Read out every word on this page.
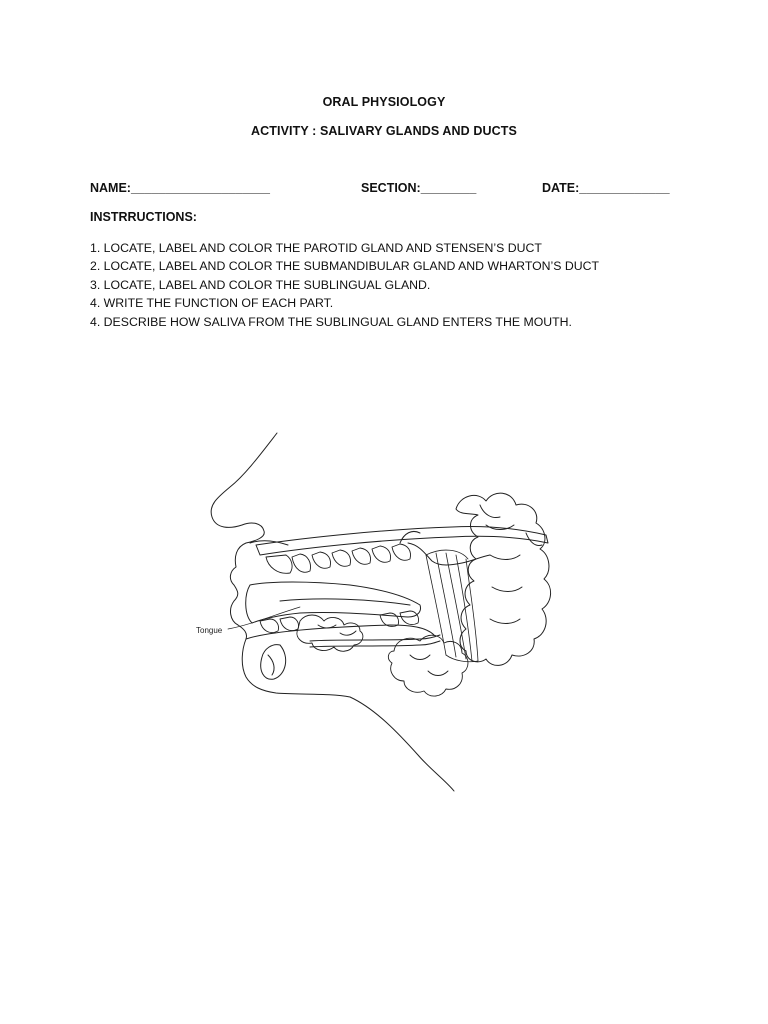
ORAL PHYSIOLOGY
ACTIVITY : SALIVARY GLANDS AND DUCTS
NAME:____________________	SECTION:________	DATE:_____________
INSTRRUCTIONS:
1. LOCATE, LABEL AND COLOR THE PAROTID GLAND AND STENSEN’S DUCT
2. LOCATE, LABEL AND COLOR THE SUBMANDIBULAR GLAND AND WHARTON’S DUCT
3. LOCATE, LABEL AND COLOR THE SUBLINGUAL GLAND.
4. WRITE THE FUNCTION OF EACH PART.
4. DESCRIBE HOW SALIVA FROM THE SUBLINGUAL GLAND ENTERS THE MOUTH.
Tongue
